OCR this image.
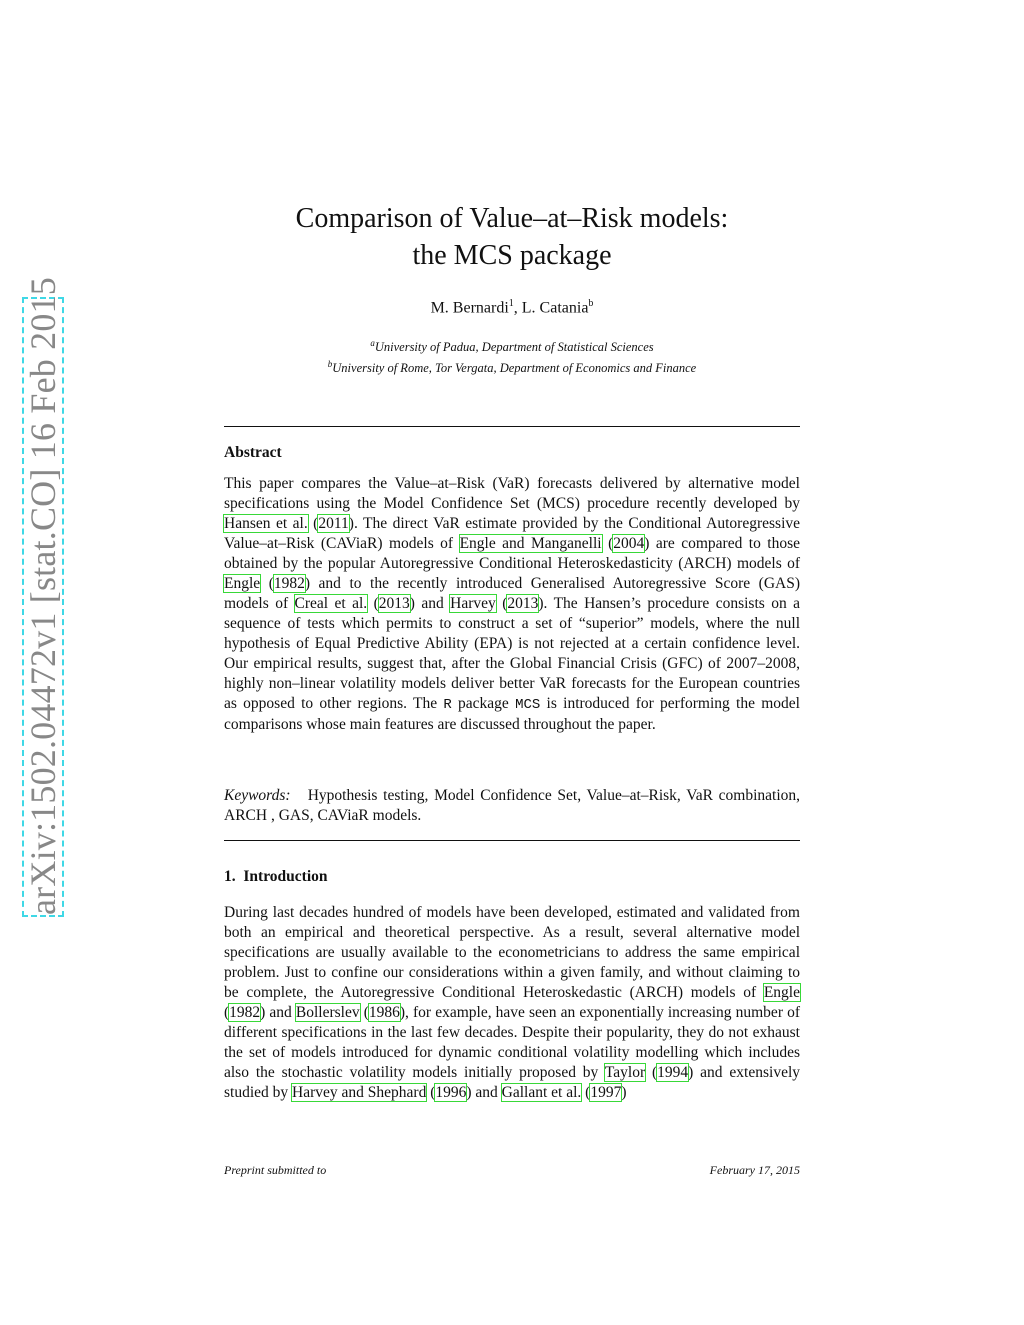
arXiv:1502.04472v1 [stat.CO] 16 Feb 2015
Comparison of Value–at–Risk models:
the MCS package
M. Bernardi$^1$, L. Catania$^b$
$^a$University of Padua, Department of Statistical Sciences
$^b$University of Rome, Tor Vergata, Department of Economics and Finance
Abstract
This paper compares the Value–at–Risk (VaR) forecasts delivered by alternative model specifications using the Model Confidence Set (MCS) procedure recently developed by Hansen et al. (2011). The direct VaR estimate provided by the Conditional Autoregressive Value–at–Risk (CAViaR) models of Engle and Manganelli (2004) are compared to those obtained by the popular Autoregressive Conditional Heteroskedasticity (ARCH) models of Engle (1982) and to the recently introduced Generalised Autoregressive Score (GAS) models of Creal et al. (2013) and Harvey (2013). The Hansen’s procedure consists on a sequence of tests which permits to construct a set of “superior” models, where the null hypothesis of Equal Predictive Ability (EPA) is not rejected at a certain confidence level. Our empirical results, suggest that, after the Global Financial Crisis (GFC) of 2007–2008, highly non–linear volatility models deliver better VaR forecasts for the European countries as opposed to other regions. The R package MCS is introduced for performing the model comparisons whose main features are discussed throughout the paper.
Keywords: Hypothesis testing, Model Confidence Set, Value–at–Risk, VaR combination, ARCH , GAS, CAViaR models.
1. Introduction
During last decades hundred of models have been developed, estimated and validated from both an empirical and theoretical perspective. As a result, several alternative model specifications are usually available to the econometricians to address the same empirical problem. Just to confine our considerations within a given family, and without claiming to be complete, the Autoregressive Conditional Heteroskedastic (ARCH) models of Engle (1982) and Bollerslev (1986), for example, have seen an exponentially increasing number of different specifications in the last few decades. Despite their popularity, they do not exhaust the set of models introduced for dynamic conditional volatility modelling which includes also the stochastic volatility models initially proposed by Taylor (1994) and extensively studied by Harvey and Shephard (1996) and Gallant et al. (1997)
Preprint submitted to	February 17, 2015
